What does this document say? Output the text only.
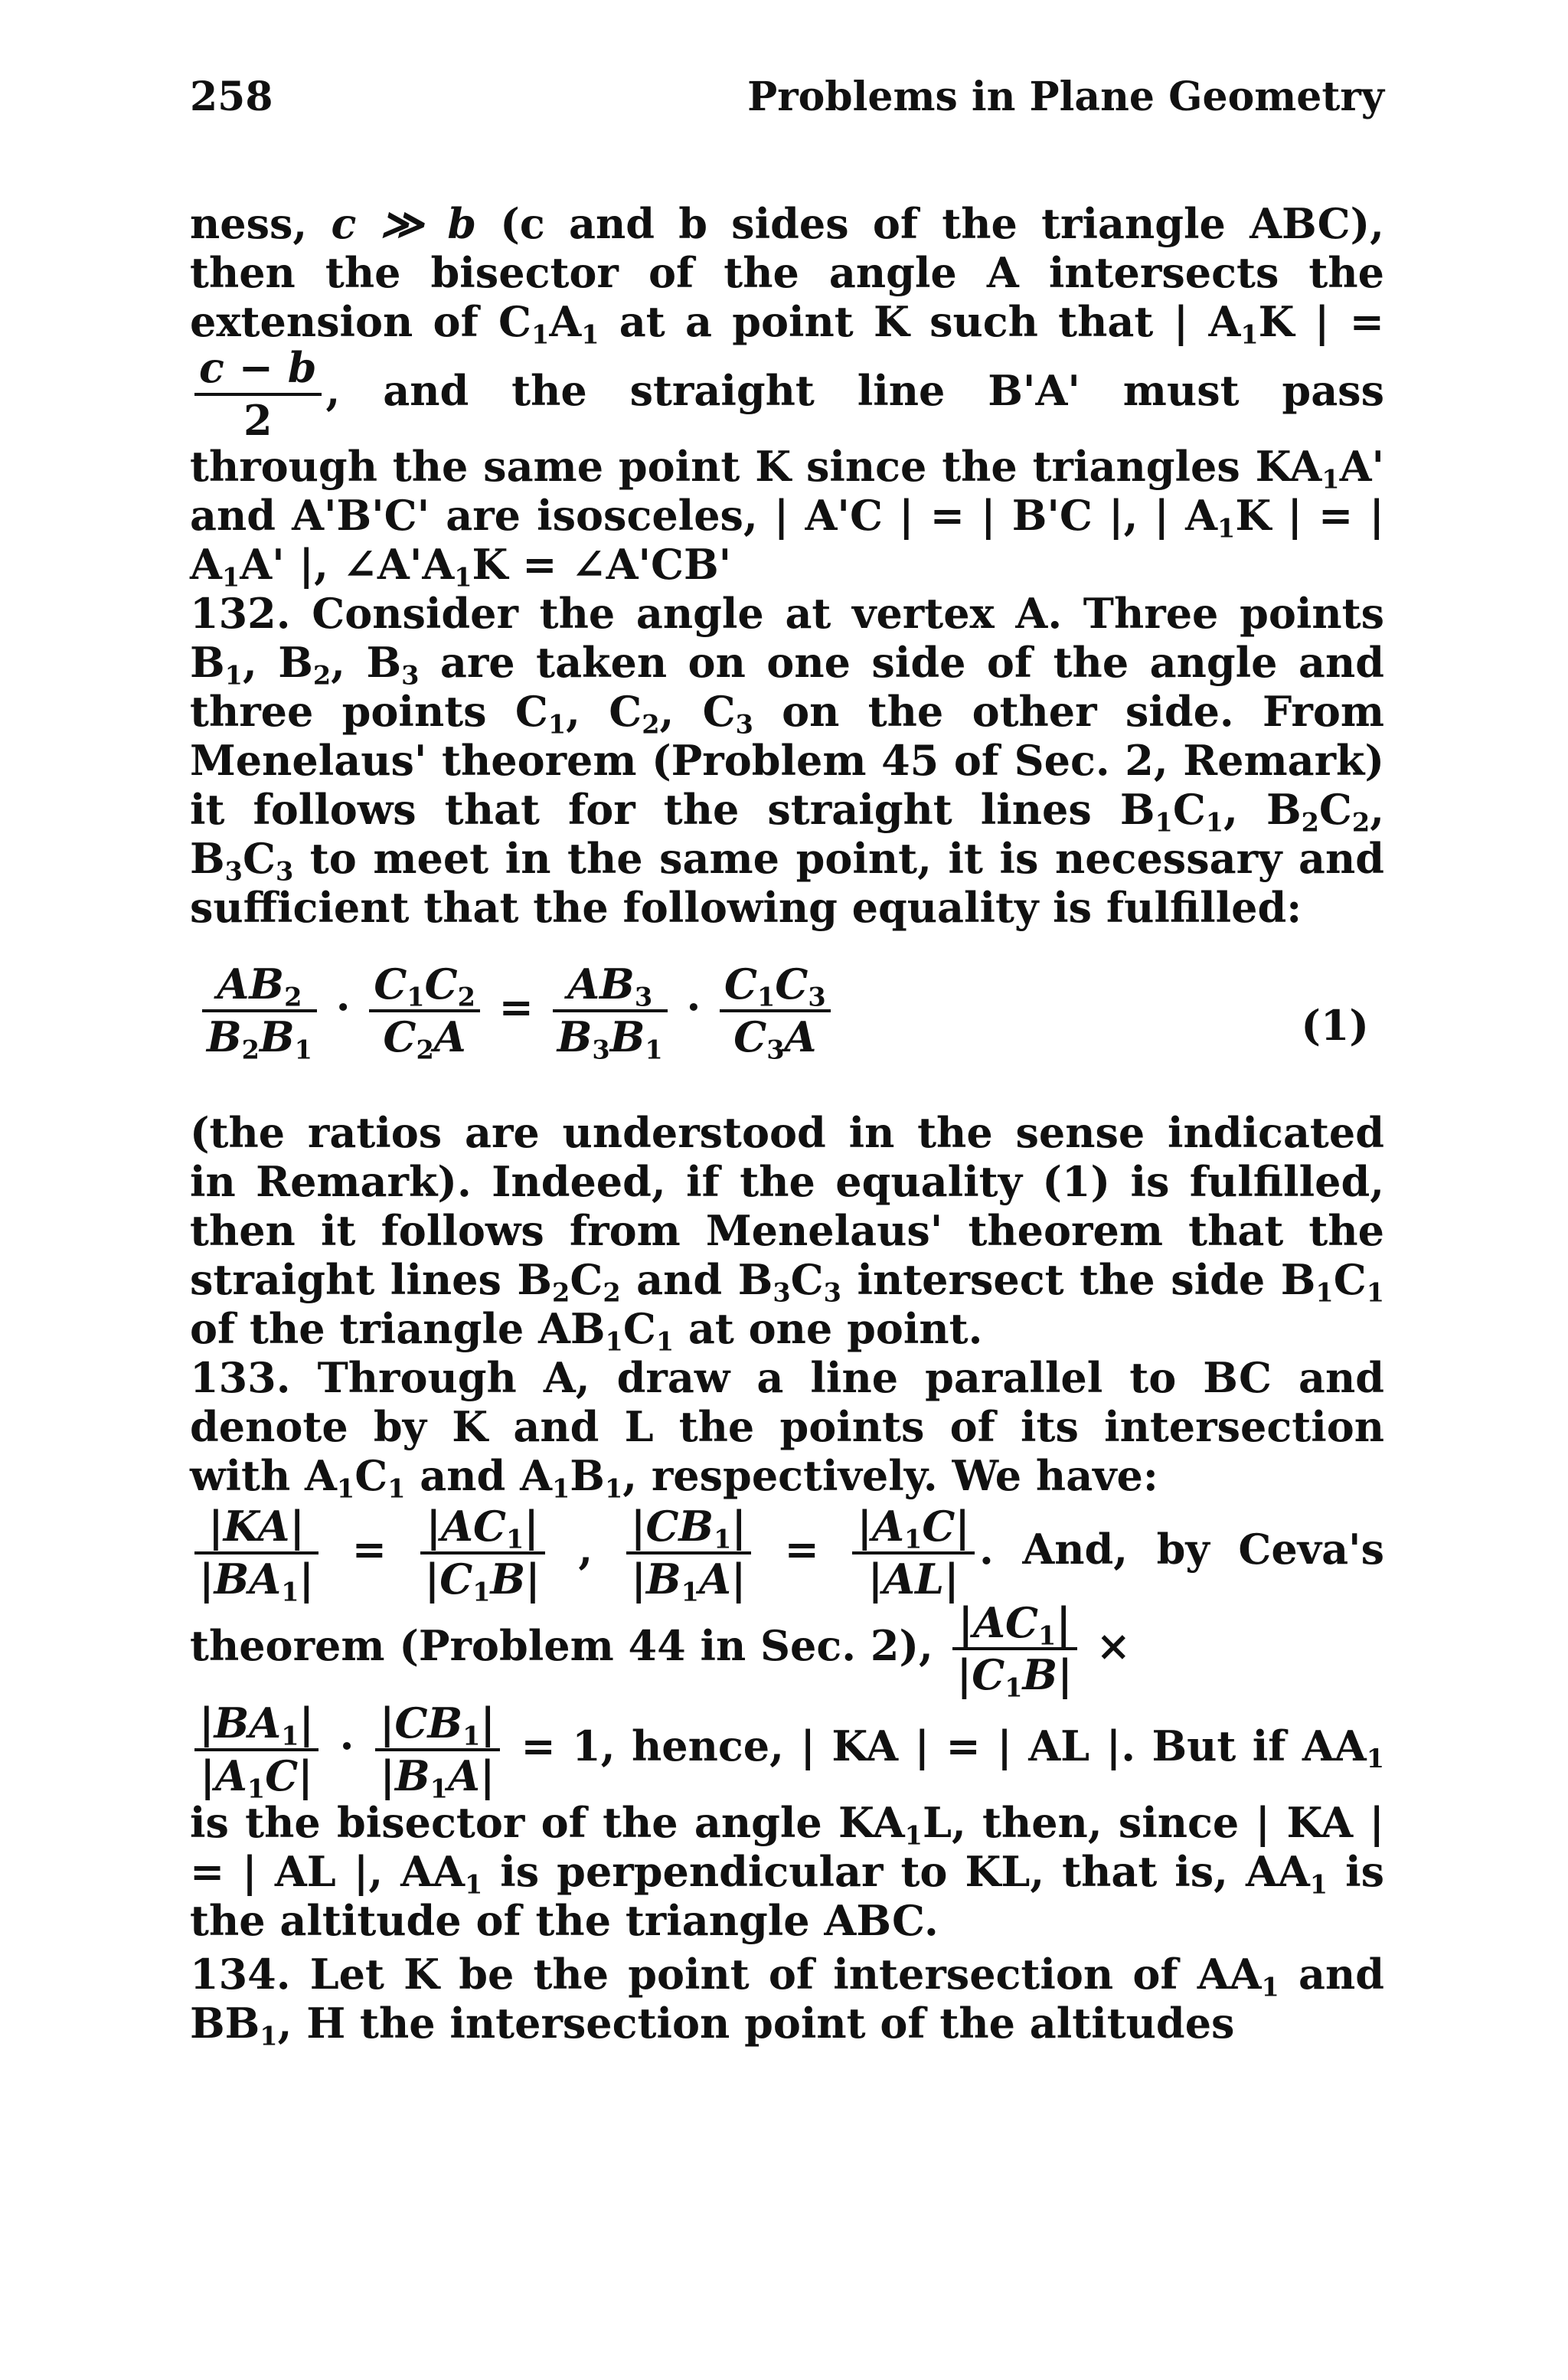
258	Problems in Plane Geometry
ness, c ≫ b (c and b sides of the triangle ABC), then the bisector of the angle A intersects the extension of $C_1A_1$ at a point K such that | $A_1K$ | =
$\frac{c - b}{2}$ , and the straight line B'A' must pass through the same point K since the triangles $KA_1A'$ and A'B'C' are isosceles, | A'C | = | B'C |, | $A_1K$ | = | $A_1A'$ |, $\angle A'A_1K$ = ∠A'CB'
132. Consider the angle at vertex A. Three points $B_1$, $B_2$, $B_3$ are taken on one side of the angle and three points $C_1$, $C_2$, $C_3$ on the other side. From Menelaus' theorem (Problem 45 of Sec. 2, Remark) it follows that for the straight lines $B_1C_1$, $B_2C_2$, $B_3C_3$ to meet in the same point, it is necessary and sufficient that the following equality is fulfilled:
$\frac{AB_2}{B_2B_1} \cdot \frac{C_1C_2}{C_2A} = \frac{AB_3}{B_3B_1} \cdot \frac{C_1C_3}{C_3A}$	(1)
(the ratios are understood in the sense indicated in Remark). Indeed, if the equality (1) is fulfilled, then it follows from Menelaus' theorem that the straight lines $B_2C_2$ and $B_3C_3$ intersect the side $B_1C_1$ of the triangle $AB_1C_1$ at one point.
133. Through A, draw a line parallel to BC and denote by K and L the points of its intersection with $A_1C_1$ and $A_1B_1$, respectively. We have:
$\frac{|KA|}{|BA_1|} = \frac{|AC_1|}{|C_1B|}$ , $\frac{|CB_1|}{|B_1A|} = \frac{|A_1C|}{|AL|}$ . And, by Ceva's theorem (Problem 44 in Sec. 2), $\frac{|AC_1|}{|C_1B|}$ ×
$\frac{|BA_1|}{|A_1C|} \cdot \frac{|CB_1|}{|B_1A|} = 1$, hence, | KA | = | AL |. But if $AA_1$ is the bisector of the angle $KA_1L$, then, since | KA | = | AL |, $AA_1$ is perpendicular to KL, that is, $AA_1$ is the altitude of the triangle ABC.
134. Let K be the point of intersection of $AA_1$ and $BB_1$, H the intersection point of the altitudes
